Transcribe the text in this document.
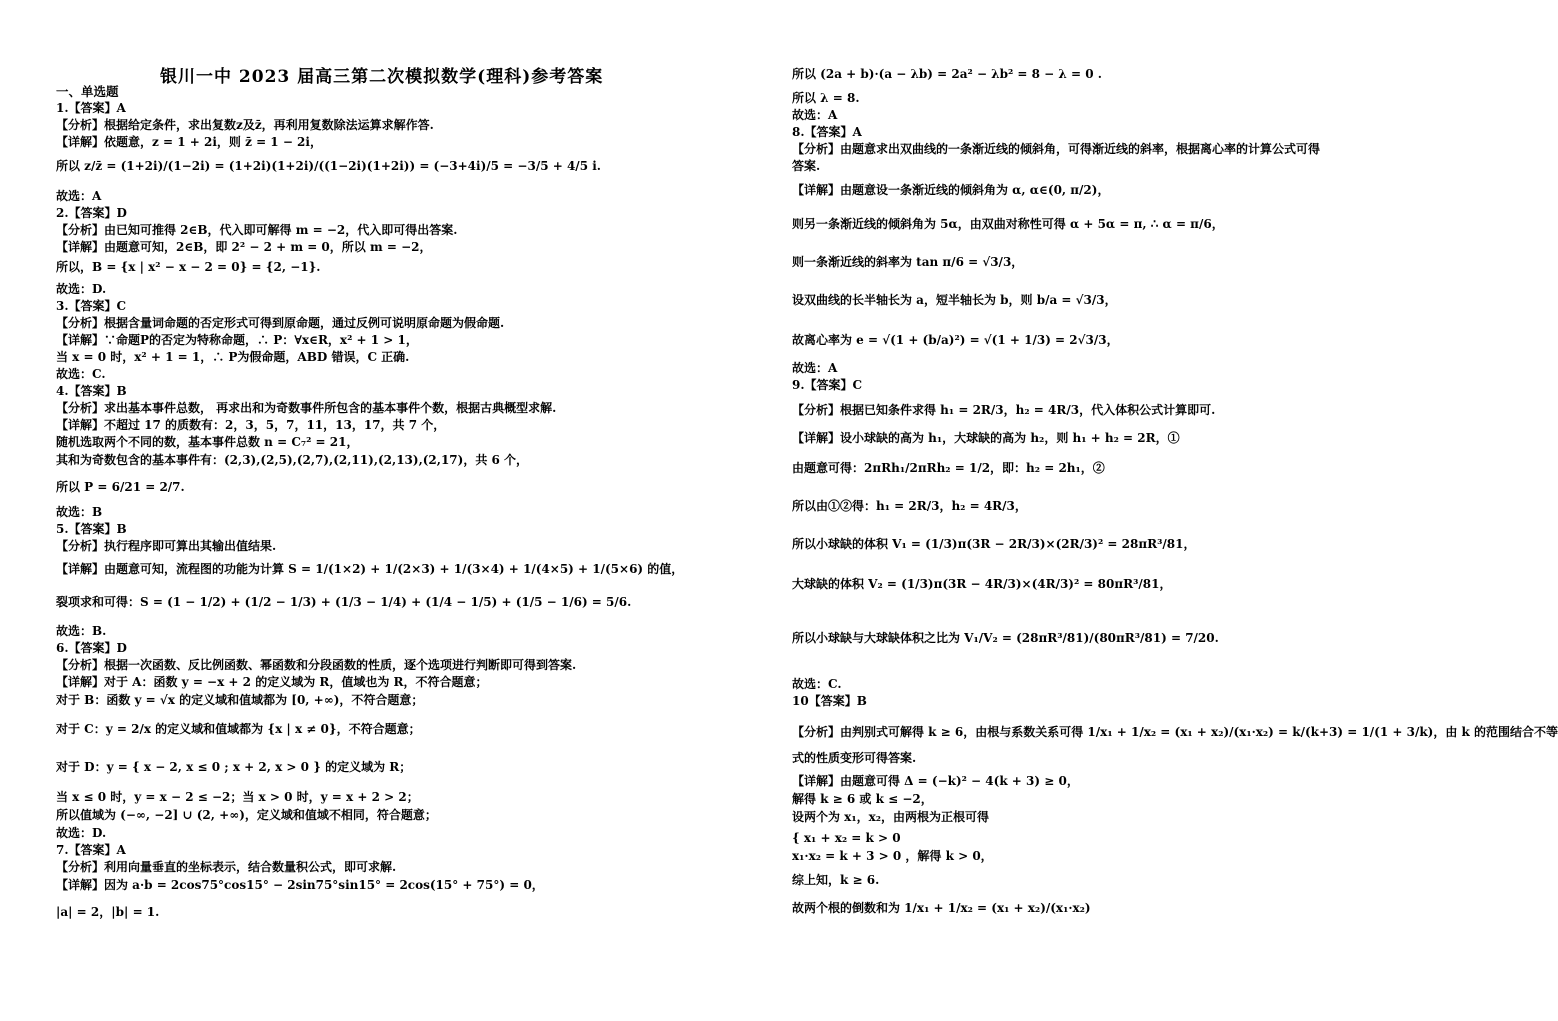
银川一中 2023 届高三第二次模拟数学(理科)参考答案
一、单选题
1.【答案】A
【分析】根据给定条件，求出复数z及z̄，再利用复数除法运算求解作答.
【详解】依题意，z = 1 + 2i，则 z̄ = 1 − 2i，
所以 z/z̄ = (1+2i)/(1−2i) = (1+2i)(1+2i)/((1−2i)(1+2i)) = (−3+4i)/5 = −3/5 + 4/5 i.
故选：A
2.【答案】D
【分析】由已知可推得 2∈B，代入即可解得 m = −2，代入即可得出答案.
【详解】由题意可知，2∈B，即 2² − 2 + m = 0，所以 m = −2，
所以，B = {x | x² − x − 2 = 0} = {2, −1}.
故选：D.
3.【答案】C
【分析】根据含量词命题的否定形式可得到原命题，通过反例可说明原命题为假命题.
【详解】∵命题P的否定为特称命题，∴ P：∀x∈R，x² + 1 > 1，
当 x = 0 时，x² + 1 = 1，∴ P为假命题，ABD 错误，C 正确.
故选：C.
4.【答案】B
【分析】求出基本事件总数， 再求出和为奇数事件所包含的基本事件个数，根据古典概型求解.
【详解】不超过 17 的质数有：2，3，5，7，11，13，17，共 7 个，
随机选取两个不同的数，基本事件总数 n = C₇² = 21，
其和为奇数包含的基本事件有：(2,3),(2,5),(2,7),(2,11),(2,13),(2,17)，共 6 个，
所以 P = 6/21 = 2/7.
故选：B
5.【答案】B
【分析】执行程序即可算出其输出值结果.
【详解】由题意可知，流程图的功能为计算 S = 1/(1×2) + 1/(2×3) + 1/(3×4) + 1/(4×5) + 1/(5×6) 的值，
裂项求和可得：S = (1 − 1/2) + (1/2 − 1/3) + (1/3 − 1/4) + (1/4 − 1/5) + (1/5 − 1/6) = 5/6.
故选：B.
6.【答案】D
【分析】根据一次函数、反比例函数、幂函数和分段函数的性质，逐个选项进行判断即可得到答案.
【详解】对于 A：函数 y = −x + 2 的定义域为 R，值域也为 R，不符合题意；
对于 B：函数 y = √x 的定义域和值域都为 [0, +∞)，不符合题意；
对于 C：y = 2/x 的定义域和值域都为 {x | x ≠ 0}，不符合题意；
对于 D：y = { x − 2, x ≤ 0 ; x + 2, x > 0 } 的定义域为 R；
当 x ≤ 0 时，y = x − 2 ≤ −2；当 x > 0 时，y = x + 2 > 2；
所以值域为 (−∞, −2] ∪ (2, +∞)，定义域和值域不相同，符合题意；
故选：D.
7.【答案】A
【分析】利用向量垂直的坐标表示，结合数量积公式，即可求解.
【详解】因为 a·b = 2cos75°cos15° − 2sin75°sin15° = 2cos(15° + 75°) = 0，
|a| = 2，|b| = 1.
所以 (2a + b)·(a − λb) = 2a² − λb² = 8 − λ = 0 .
所以 λ = 8.
故选：A
8.【答案】A
【分析】由题意求出双曲线的一条渐近线的倾斜角，可得渐近线的斜率，根据离心率的计算公式可得
答案.
【详解】由题意设一条渐近线的倾斜角为 α, α∈(0, π/2)，
则另一条渐近线的倾斜角为 5α，由双曲对称性可得 α + 5α = π, ∴ α = π/6，
则一条渐近线的斜率为 tan π/6 = √3/3，
设双曲线的长半轴长为 a，短半轴长为 b，则 b/a = √3/3，
故离心率为 e = √(1 + (b/a)²) = √(1 + 1/3) = 2√3/3，
故选：A
9.【答案】C
【分析】根据已知条件求得 h₁ = 2R/3，h₂ = 4R/3，代入体积公式计算即可.
【详解】设小球缺的高为 h₁，大球缺的高为 h₂，则 h₁ + h₂ = 2R，①
由题意可得：2πRh₁/2πRh₂ = 1/2，即：h₂ = 2h₁，②
所以由①②得：h₁ = 2R/3，h₂ = 4R/3，
所以小球缺的体积 V₁ = (1/3)π(3R − 2R/3)×(2R/3)² = 28πR³/81，
大球缺的体积 V₂ = (1/3)π(3R − 4R/3)×(4R/3)² = 80πR³/81，
所以小球缺与大球缺体积之比为 V₁/V₂ = (28πR³/81)/(80πR³/81) = 7/20.
故选：C.
10【答案】B
【分析】由判别式可解得 k ≥ 6，由根与系数关系可得 1/x₁ + 1/x₂ = (x₁ + x₂)/(x₁·x₂) = k/(k+3) = 1/(1 + 3/k)，由 k 的范围结合不等
式的性质变形可得答案.
【详解】由题意可得 Δ = (−k)² − 4(k + 3) ≥ 0，
解得 k ≥ 6 或 k ≤ −2，
设两个为 x₁，x₂，由两根为正根可得
{ x₁ + x₂ = k > 0
x₁·x₂ = k + 3 > 0 ，解得 k > 0，
综上知，k ≥ 6.
故两个根的倒数和为 1/x₁ + 1/x₂ = (x₁ + x₂)/(x₁·x₂)
